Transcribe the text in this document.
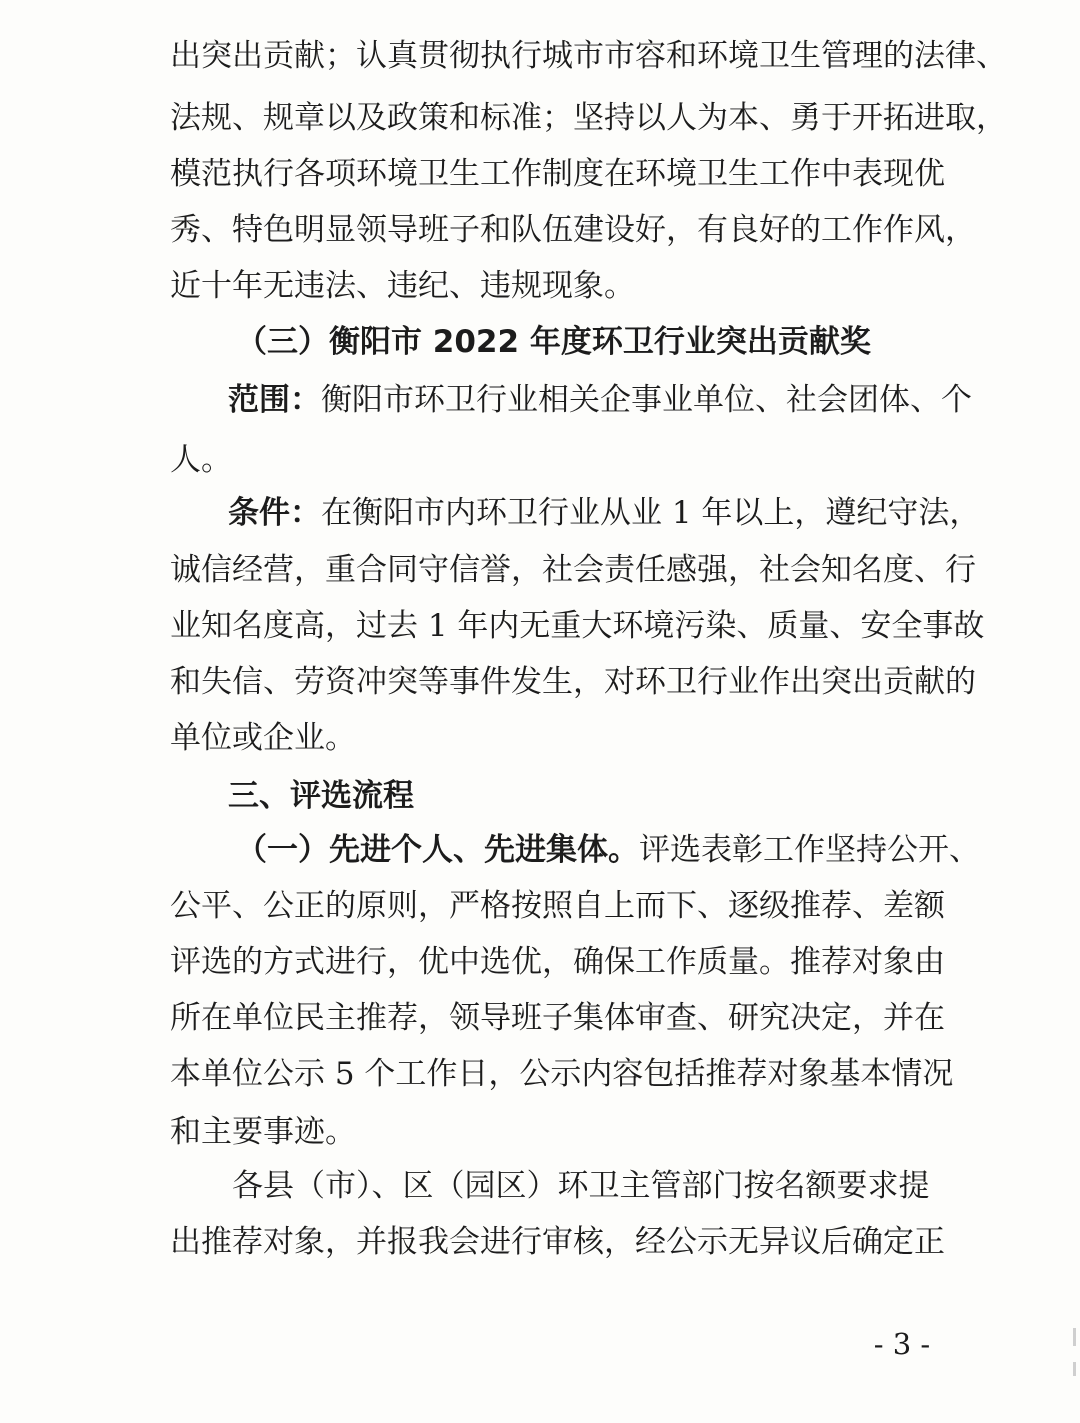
出突出贡献；认真贯彻执行城市市容和环境卫生管理的法律、
法规、规章以及政策和标准；坚持以人为本、勇于开拓进取，
模范执行各项环境卫生工作制度在环境卫生工作中表现优
秀、特色明显领导班子和队伍建设好，有良好的工作作风，
近十年无违法、违纪、违规现象。
（三）衡阳市 2022 年度环卫行业突出贡献奖
范围：衡阳市环卫行业相关企事业单位、社会团体、个
人。
条件：在衡阳市内环卫行业从业 1 年以上，遵纪守法，
诚信经营，重合同守信誉，社会责任感强，社会知名度、行
业知名度高，过去 1 年内无重大环境污染、质量、安全事故
和失信、劳资冲突等事件发生，对环卫行业作出突出贡献的
单位或企业。
三、评选流程
（一）先进个人、先进集体。评选表彰工作坚持公开、
公平、公正的原则，严格按照自上而下、逐级推荐、差额
评选的方式进行，优中选优，确保工作质量。推荐对象由
所在单位民主推荐，领导班子集体审查、研究决定，并在
本单位公示 5 个工作日，公示内容包括推荐对象基本情况
和主要事迹。
各县（市）、区（园区）环卫主管部门按名额要求提
出推荐对象，并报我会进行审核，经公示无异议后确定正
- 3 -
